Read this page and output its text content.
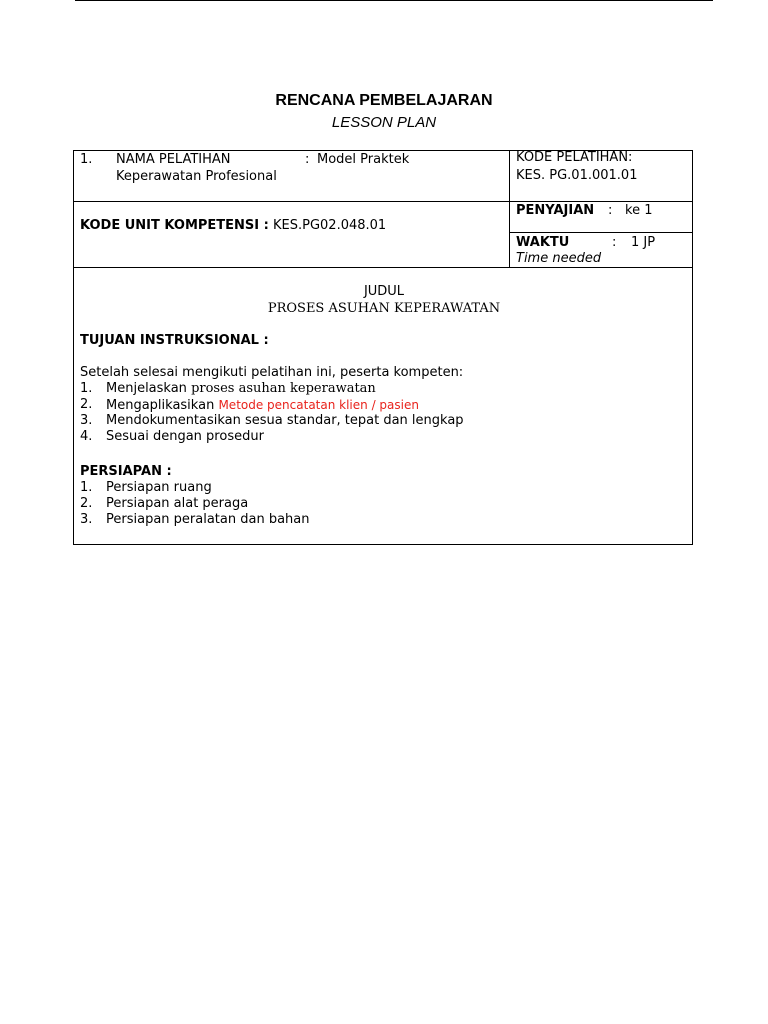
RENCANA PEMBELAJARAN
LESSON PLAN
1. NAMA PELATIHAN	: Model Praktek
Keperawatan Profesional
KODE PELATIHAN:
KES. PG.01.001.01
KODE UNIT KOMPETENSI : KES.PG02.048.01
PENYAJIAN : ke 1
WAKTU	: 1 JP
Time needed
JUDUL
PROSES ASUHAN KEPERAWATAN
TUJUAN INSTRUKSIONAL :
Setelah selesai mengikuti pelatihan ini, peserta kompeten:
1. Menjelaskan proses asuhan keperawatan
2. Mengaplikasikan Metode pencatatan klien / pasien
3. Mendokumentasikan sesua standar, tepat dan lengkap
4. Sesuai dengan prosedur
PERSIAPAN :
1. Persiapan ruang
2. Persiapan alat peraga
3. Persiapan peralatan dan bahan
